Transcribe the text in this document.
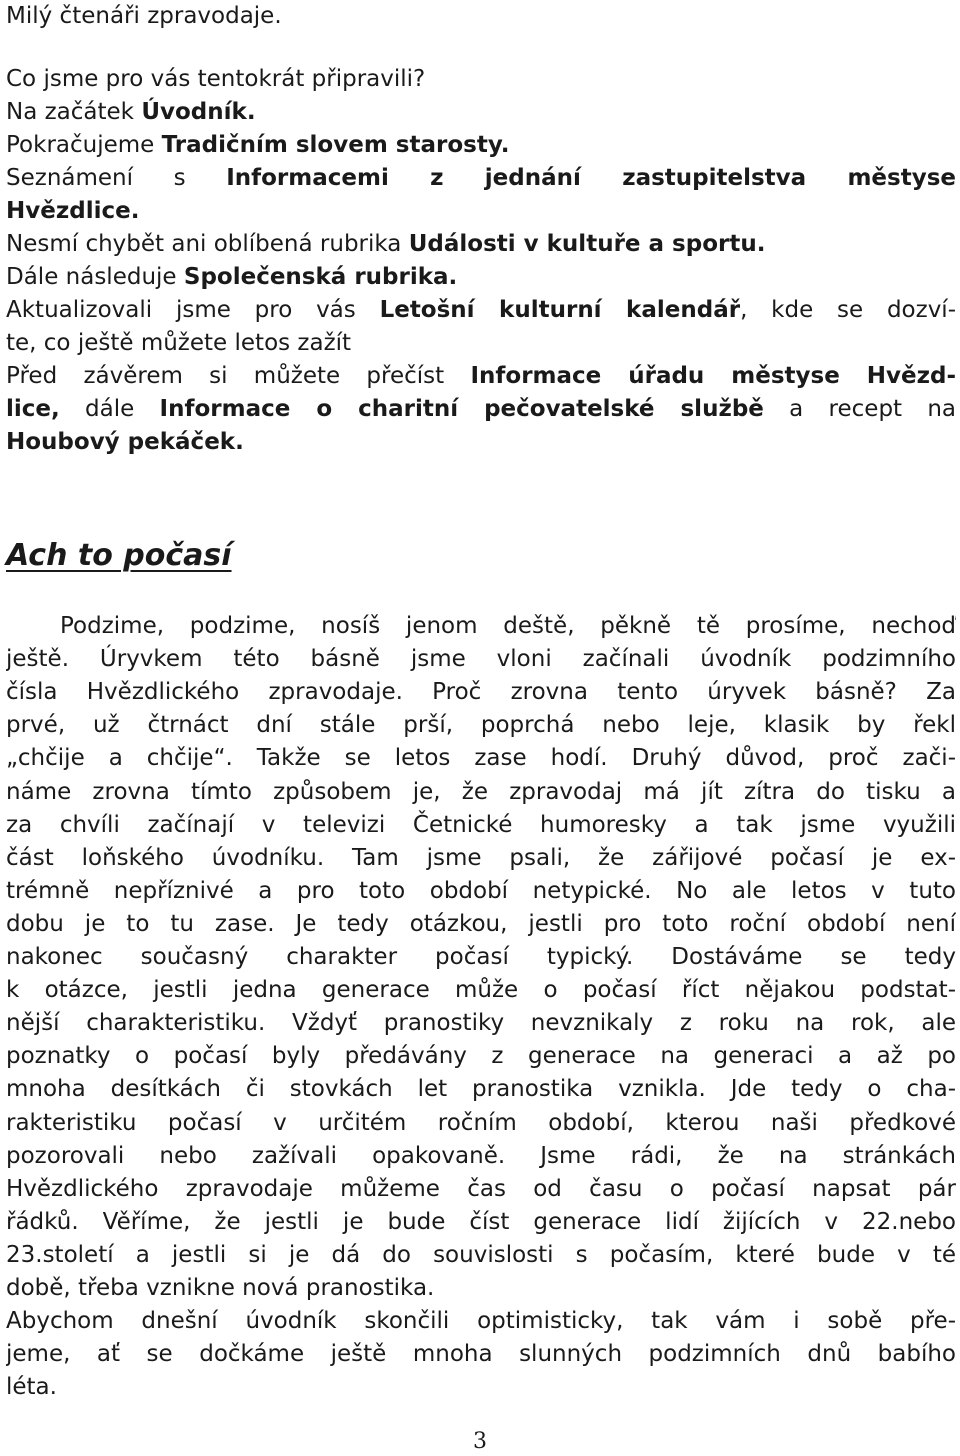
Milý čtenáři zpravodaje.
Co jsme pro vás tentokrát připravili?
Na začátek Úvodník.
Pokračujeme Tradičním slovem starosty.
Seznámení s Informacemi z jednání zastupitelstva městyse
Hvězdlice.
Nesmí chybět ani oblíbená rubrika Události v kultuře a sportu.
Dále následuje Společenská rubrika.
Aktualizovali jsme pro vás Letošní kulturní kalendář, kde se dozví-
te, co ještě můžete letos zažít
Před závěrem si můžete přečíst Informace úřadu městyse Hvězd-
lice, dále Informace o charitní pečovatelské službě a recept na
Houbový pekáček.
Ach to počasí
Podzime, podzime, nosíš jenom deště, pěkně tě prosíme, nechoď
ještě. Úryvkem této básně jsme vloni začínali úvodník podzimního
čísla Hvězdlického zpravodaje. Proč zrovna tento úryvek básně? Za
prvé, už čtrnáct dní stále prší, poprchá nebo leje, klasik by řekl
„chčije a chčije“. Takže se letos zase hodí. Druhý důvod, proč zači-
náme zrovna tímto způsobem je, že zpravodaj má jít zítra do tisku a
za chvíli začínají v televizi Četnické humoresky a tak jsme využili
část loňského úvodníku. Tam jsme psali, že zářijové počasí je ex-
trémně nepříznivé a pro toto období netypické. No ale letos v tuto
dobu je to tu zase. Je tedy otázkou, jestli pro toto roční období není
nakonec současný charakter počasí typický. Dostáváme se tedy
k otázce, jestli jedna generace může o počasí říct nějakou podstat-
nější charakteristiku. Vždyť pranostiky nevznikaly z roku na rok, ale
poznatky o počasí byly předávány z generace na generaci a až po
mnoha desítkách či stovkách let pranostika vznikla. Jde tedy o cha-
rakteristiku počasí v určitém ročním období, kterou naši předkové
pozorovali nebo zažívali opakovaně. Jsme rádi, že na stránkách
Hvězdlického zpravodaje můžeme čas od času o počasí napsat pár
řádků. Věříme, že jestli je bude číst generace lidí žijících v 22.nebo
23.století a jestli si je dá do souvislosti s počasím, které bude v té
době, třeba vznikne nová pranostika.
Abychom dnešní úvodník skončili optimisticky, tak vám i sobě pře-
jeme, ať se dočkáme ještě mnoha slunných podzimních dnů babího
léta.
3
